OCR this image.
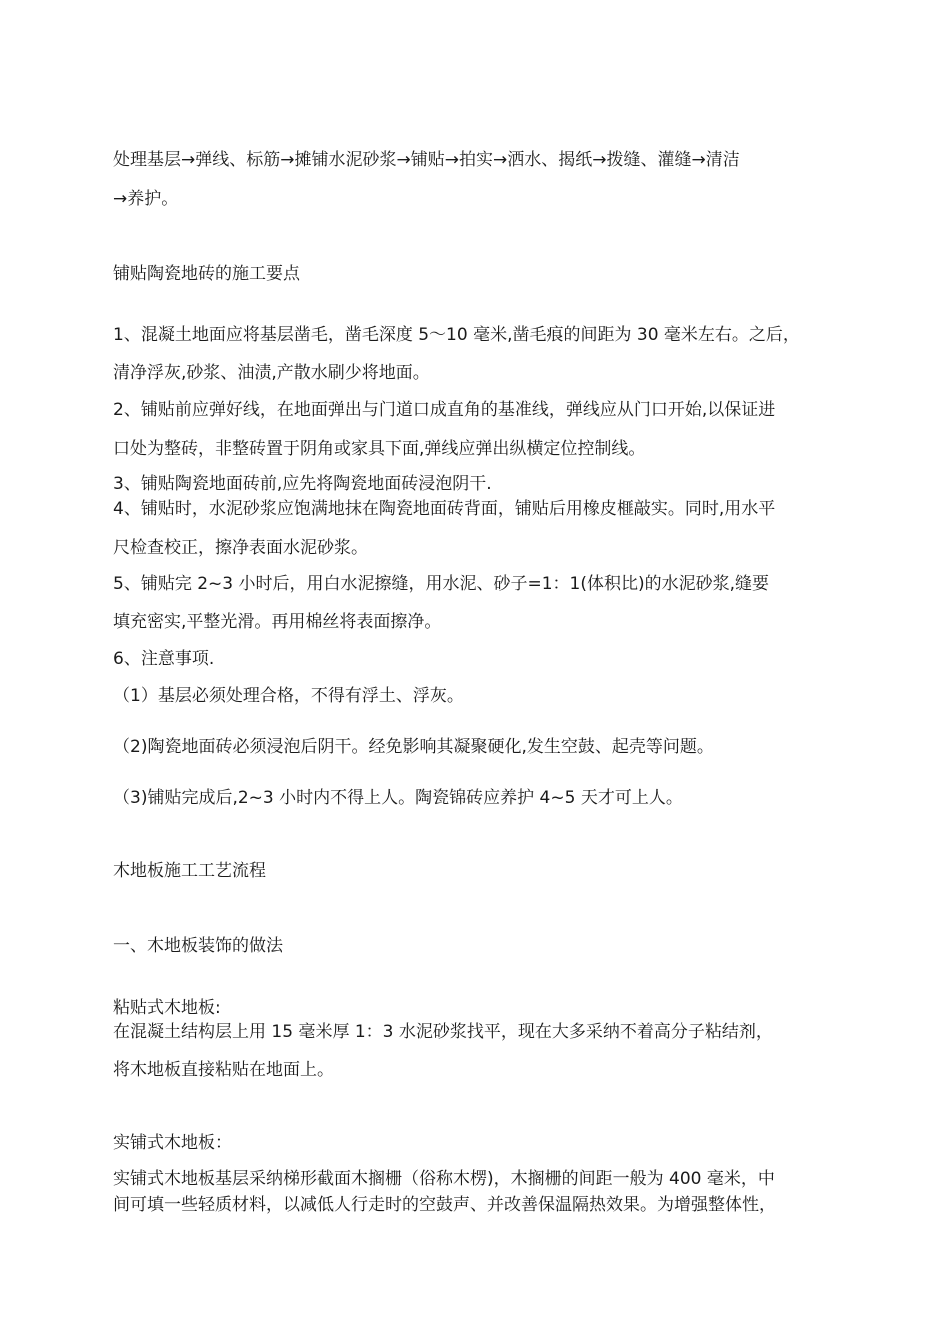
处理基层→弹线、标筋→摊铺水泥砂浆→铺贴→拍实→洒水、揭纸→拨缝、灌缝→清洁
→养护。
铺贴陶瓷地砖的施工要点
1、混凝土地面应将基层凿毛，凿毛深度 5～10 毫米,凿毛痕的间距为 30 毫米左右。之后，
清净浮灰,砂浆、油渍,产散水刷少将地面。
2、铺贴前应弹好线，在地面弹出与门道口成直角的基准线，弹线应从门口开始,以保证进
口处为整砖，非整砖置于阴角或家具下面,弹线应弹出纵横定位控制线。
3、铺贴陶瓷地面砖前,应先将陶瓷地面砖浸泡阴干.
4、铺贴时，水泥砂浆应饱满地抹在陶瓷地面砖背面，铺贴后用橡皮榧敲实。同时,用水平
尺检查校正，擦净表面水泥砂浆。
5、铺贴完 2~3 小时后，用白水泥擦缝，用水泥、砂子=1：1(体积比)的水泥砂浆,缝要
填充密实,平整光滑。再用棉丝将表面擦净。
6、注意事项.
（1）基层必须处理合格，不得有浮土、浮灰。
（2)陶瓷地面砖必须浸泡后阴干。经免影响其凝聚硬化,发生空鼓、起壳等问题。
（3)铺贴完成后,2~3 小时内不得上人。陶瓷锦砖应养护 4~5 天才可上人。
木地板施工工艺流程
一、木地板装饰的做法
粘贴式木地板:
在混凝土结构层上用 15 毫米厚 1：3 水泥砂浆找平，现在大多采纳不着高分子粘结剂，
将木地板直接粘贴在地面上。
实铺式木地板：
实铺式木地板基层采纳梯形截面木搁栅（俗称木楞)，木搁栅的间距一般为 400 毫米，中
间可填一些轻质材料，以减低人行走时的空鼓声、并改善保温隔热效果。为增强整体性，
